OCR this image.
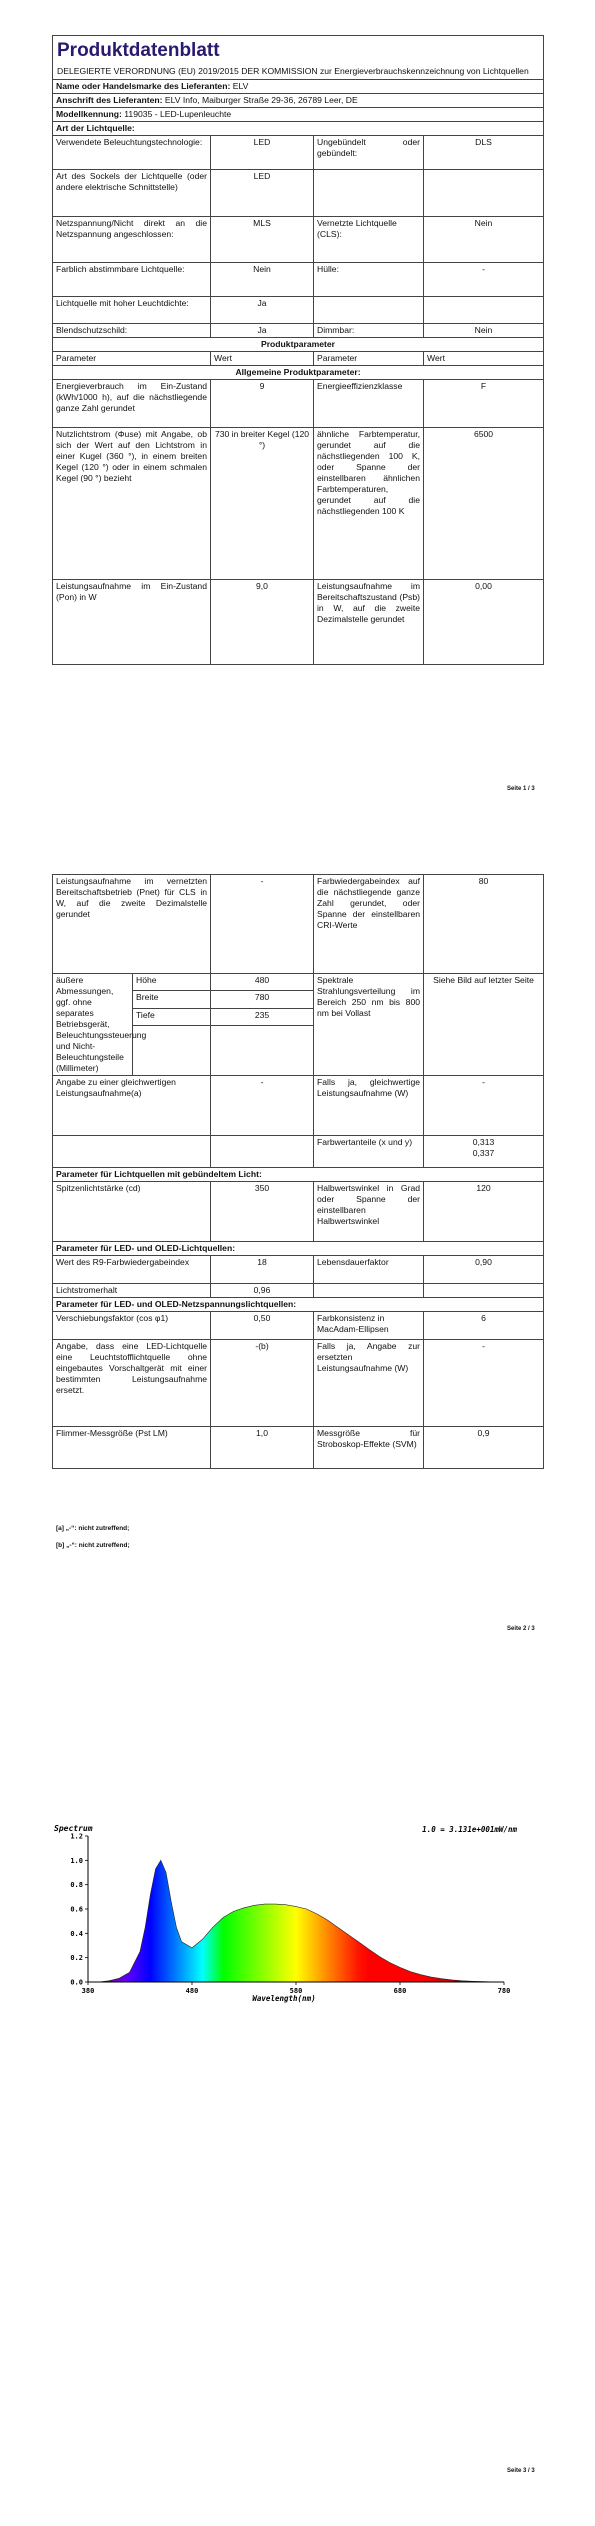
Produktdatenblatt
DELEGIERTE VERORDNUNG (EU) 2019/2015 DER KOMMISSION zur Energieverbrauchskennzeichnung von Lichtquellen			

Name oder Handelsmarke des Lieferanten: ELV			
Anschrift des Lieferanten: ELV Info, Maiburger Straße 29-36, 26789 Leer, DE			
Modellkennung: 119035 - LED-Lupenleuchte			
Art der Lichtquelle:			
Verwendete Beleuchtungstechnologie:	LED	Ungebündelt oder gebündelt:	DLS
Art des Sockels der Lichtquelle (oder andere elektrische Schnittstelle)	LED		
Netzspannung/Nicht direkt an die Netzspannung angeschlossen:	MLS	Vernetzte Lichtquelle (CLS):	Nein
Farblich abstimmbare Lichtquelle:	Nein	Hülle:	-
Lichtquelle mit hoher Leuchtdichte:	Ja		
Blendschutzschild:	Ja	Dimmbar:	Nein
Produktparameter			
Parameter	Wert	Parameter	Wert
Allgemeine Produktparameter:			
Energieverbrauch im Ein-Zustand (kWh/1000 h), auf die nächstliegende ganze Zahl gerundet	9	Energieeffizienzklasse	F
Nutzlichtstrom (Φuse) mit Angabe, ob sich der Wert auf den Lichtstrom in einer Kugel (360 °), in einem breiten Kegel (120 °) oder in einem schmalen Kegel (90 °) bezieht	730 in breiter Kegel (120 °)	ähnliche Farbtemperatur, gerundet auf die nächstliegenden 100 K, oder Spanne der einstellbaren ähnlichen Farbtemperaturen, gerundet auf die nächstliegenden 100 K	6500
Leistungsaufnahme im Ein-Zustand (Pon) in W	9,0	Leistungsaufnahme im Bereitschaftszustand (Psb) in W, auf die zweite Dezimalstelle gerundet	0,00
Seite 1 / 3
Leistungsaufnahme im vernetzten Bereitschaftsbetrieb (Pnet) für CLS in W, auf die zweite Dezimalstelle gerundet		-	Farbwiedergabeindex auf die nächstliegende ganze Zahl gerundet, oder Spanne der einstellbaren CRI-Werte	80
äußere Abmessungen, ggf. ohne separates Betriebsgerät, Beleuchtungssteuerung und Nicht-Beleuchtungsteile (Millimeter)	Höhe	480	Spektrale Strahlungsverteilung im Bereich 250 nm bis 800 nm bei Vollast	Siehe Bild auf letzter Seite
	Breite	780		
	Tiefe	235		

Angabe zu einer gleichwertigen Leistungsaufnahme(a)		-	Falls ja, gleichwertige Leistungsaufnahme (W)	-
			Farbwertanteile (x und y)	0,313
0,337

Parameter für Lichtquellen mit gebündeltem Licht:				
Spitzenlichtstärke (cd)		350	Halbwertswinkel in Grad oder Spanne der einstellbaren Halbwertswinkel	120
Parameter für LED- und OLED-Lichtquellen:				
Wert des R9-Farbwiedergabeindex		18	Lebensdauerfaktor	0,90
Lichtstromerhalt		0,96		
Parameter für LED- und OLED-Netzspannungslichtquellen:				
Verschiebungsfaktor (cos φ1)		0,50	Farbkonsistenz in MacAdam-Ellipsen	6
Angabe, dass eine LED-Lichtquelle eine Leuchtstofflichtquelle ohne eingebautes Vorschaltgerät mit einer bestimmten Leistungsaufnahme ersetzt.		-(b)	Falls ja, Angabe zur ersetzten Leistungsaufnahme (W)	-
Flimmer-Messgröße (Pst LM)		1,0	Messgröße für Stroboskop-Effekte (SVM)	0,9
[a] „-“: nicht zutreffend;
[b] „-“: nicht zutreffend;
Seite 2 / 3
Spectrum	1.0 = 3.131e+001mW/nm
0.0
0.2
0.4
0.6
0.8
1.0
1.2
380	480	580	680	780
Wavelength(nm)
Seite 3 / 3
